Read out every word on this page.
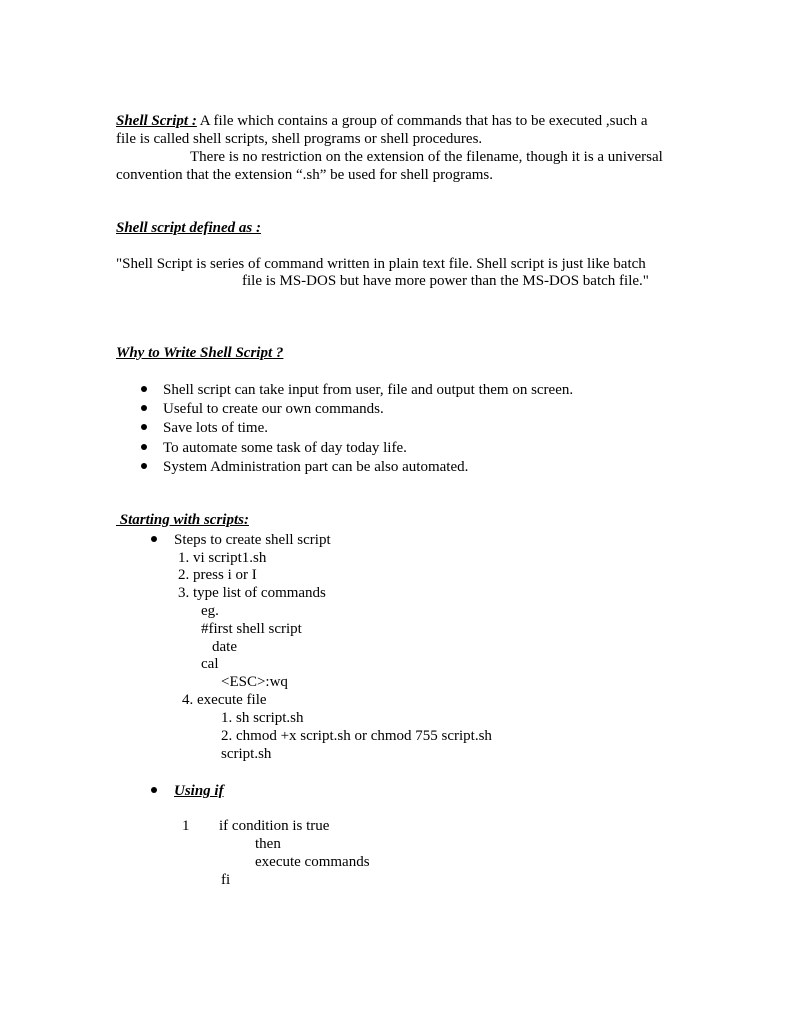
Shell Script : A file which contains a group of commands that has to be executed ,such a
file is called shell scripts, shell programs or shell procedures.
There is no restriction on the extension of the filename, though it is a universal
convention that the extension “.sh” be used for shell programs.
Shell script defined as :
"Shell Script is series of command written in plain text file. Shell script is just like batch
file is MS-DOS but have more power than the MS-DOS batch file."
Why to Write Shell Script ?
Shell script can take input from user, file and output them on screen.
Useful to create our own commands.
Save lots of time.
To automate some task of day today life.
System Administration part can be also automated.
Starting with scripts:
Steps to create shell script
1. vi script1.sh
2. press i or I
3. type list of commands
eg.
#first shell script
date
cal
<ESC>:wq
4. execute file
1. sh script.sh
2. chmod +x script.sh or chmod 755 script.sh
script.sh
Using if
1 if condition is true
then
execute commands
fi
